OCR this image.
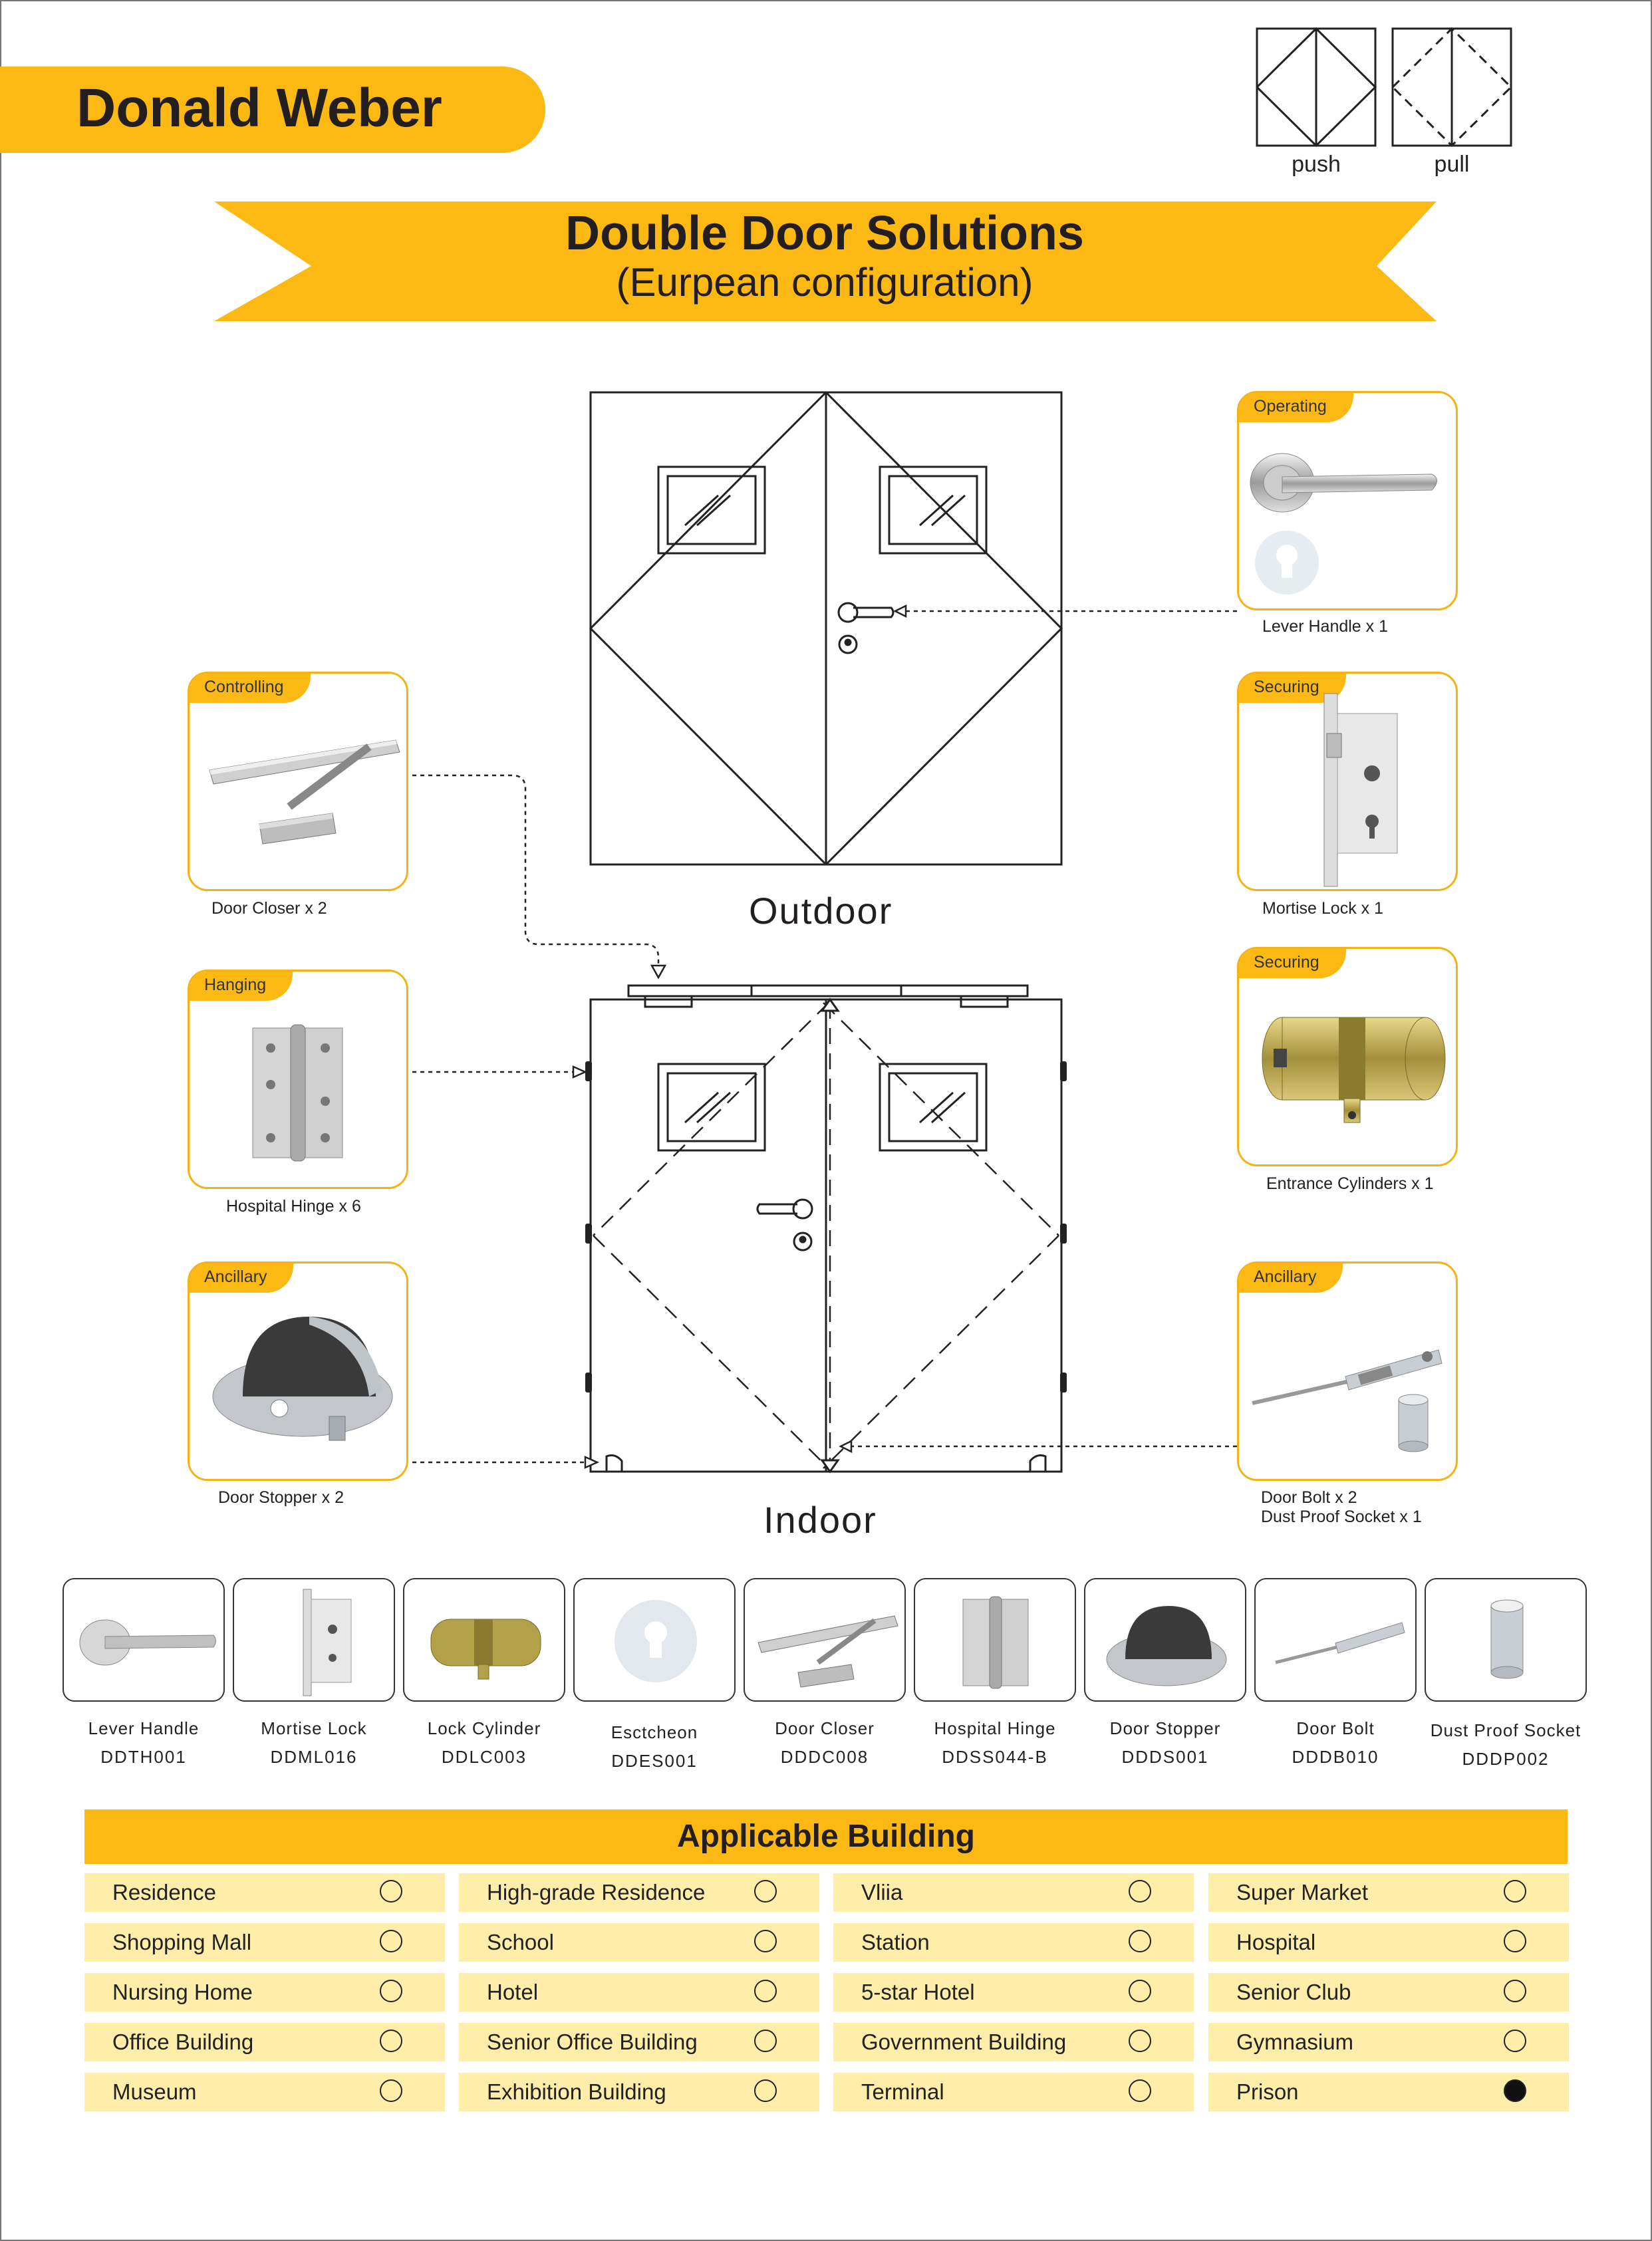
Donald Weber
push	pull
Double Door Solutions
(Eurpean configuration)
Outdoor
Indoor
Operating
Lever Handle x 1
Controlling
Door Closer x 2
Securing
Mortise Lock x 1
Hanging
Hospital Hinge x 6
Securing
Entrance Cylinders x 1
Ancillary
Door Stopper x 2
Ancillary
Door Bolt x 2
Dust Proof Socket x 1
Lever Handle	Mortise Lock	Lock Cylinder	Esctcheon	Door Closer	Hospital Hinge	Door Stopper	Door Bolt	Dust Proof Socket
DDTH001	DDML016	DDLC003	DDES001	DDDC008	DDSS044-B	DDDS001	DDDB010	DDDP002
Applicable Building
Residence	High-grade Residence	Vliia	Super Market
Shopping Mall	School	Station	Hospital
Nursing Home	Hotel	5-star Hotel	Senior Club
Office Building	Senior Office Building	Government Building	Gymnasium
Museum	Exhibition Building	Terminal	Prison
